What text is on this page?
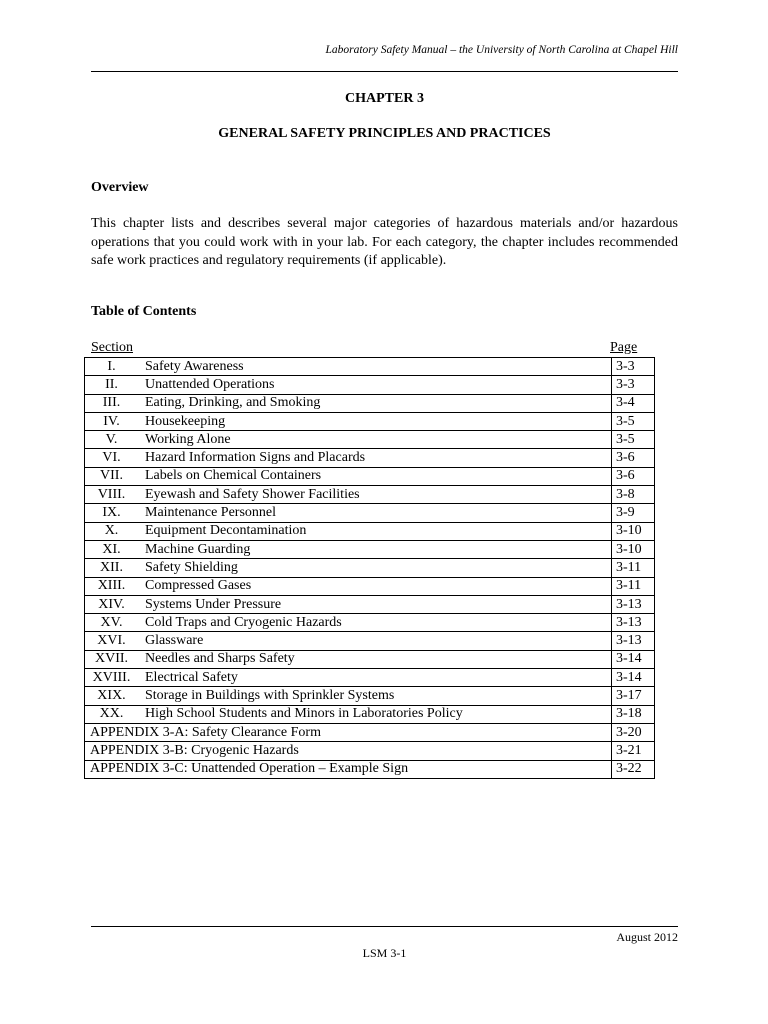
Laboratory Safety Manual – the University of North Carolina at Chapel Hill
CHAPTER 3
GENERAL SAFETY PRINCIPLES AND PRACTICES
Overview

This chapter lists and describes several major categories of hazardous materials and/or hazardous operations that you could work with in your lab. For each category, the chapter includes recommended safe work practices and regulatory requirements (if applicable).

Table of Contents
Section	Page
I.	Safety Awareness	3-3
II.	Unattended Operations	3-3
III.	Eating, Drinking, and Smoking	3-4
IV.	Housekeeping	3-5
V.	Working Alone	3-5
VI.	Hazard Information Signs and Placards	3-6
VII.	Labels on Chemical Containers	3-6
VIII.	Eyewash and Safety Shower Facilities	3-8
IX.	Maintenance Personnel	3-9
X.	Equipment Decontamination	3-10
XI.	Machine Guarding	3-10
XII.	Safety Shielding	3-11
XIII.	Compressed Gases	3-11
XIV.	Systems Under Pressure	3-13
XV.	Cold Traps and Cryogenic Hazards	3-13
XVI.	Glassware	3-13
XVII.	Needles and Sharps Safety	3-14
XVIII.	Electrical Safety	3-14
XIX.	Storage in Buildings with Sprinkler Systems	3-17
XX.	High School Students and Minors in Laboratories Policy	3-18
APPENDIX 3-A: Safety Clearance Form		3-20
APPENDIX 3-B: Cryogenic Hazards		3-21
APPENDIX 3-C: Unattended Operation – Example Sign		3-22
August 2012
LSM 3-1
